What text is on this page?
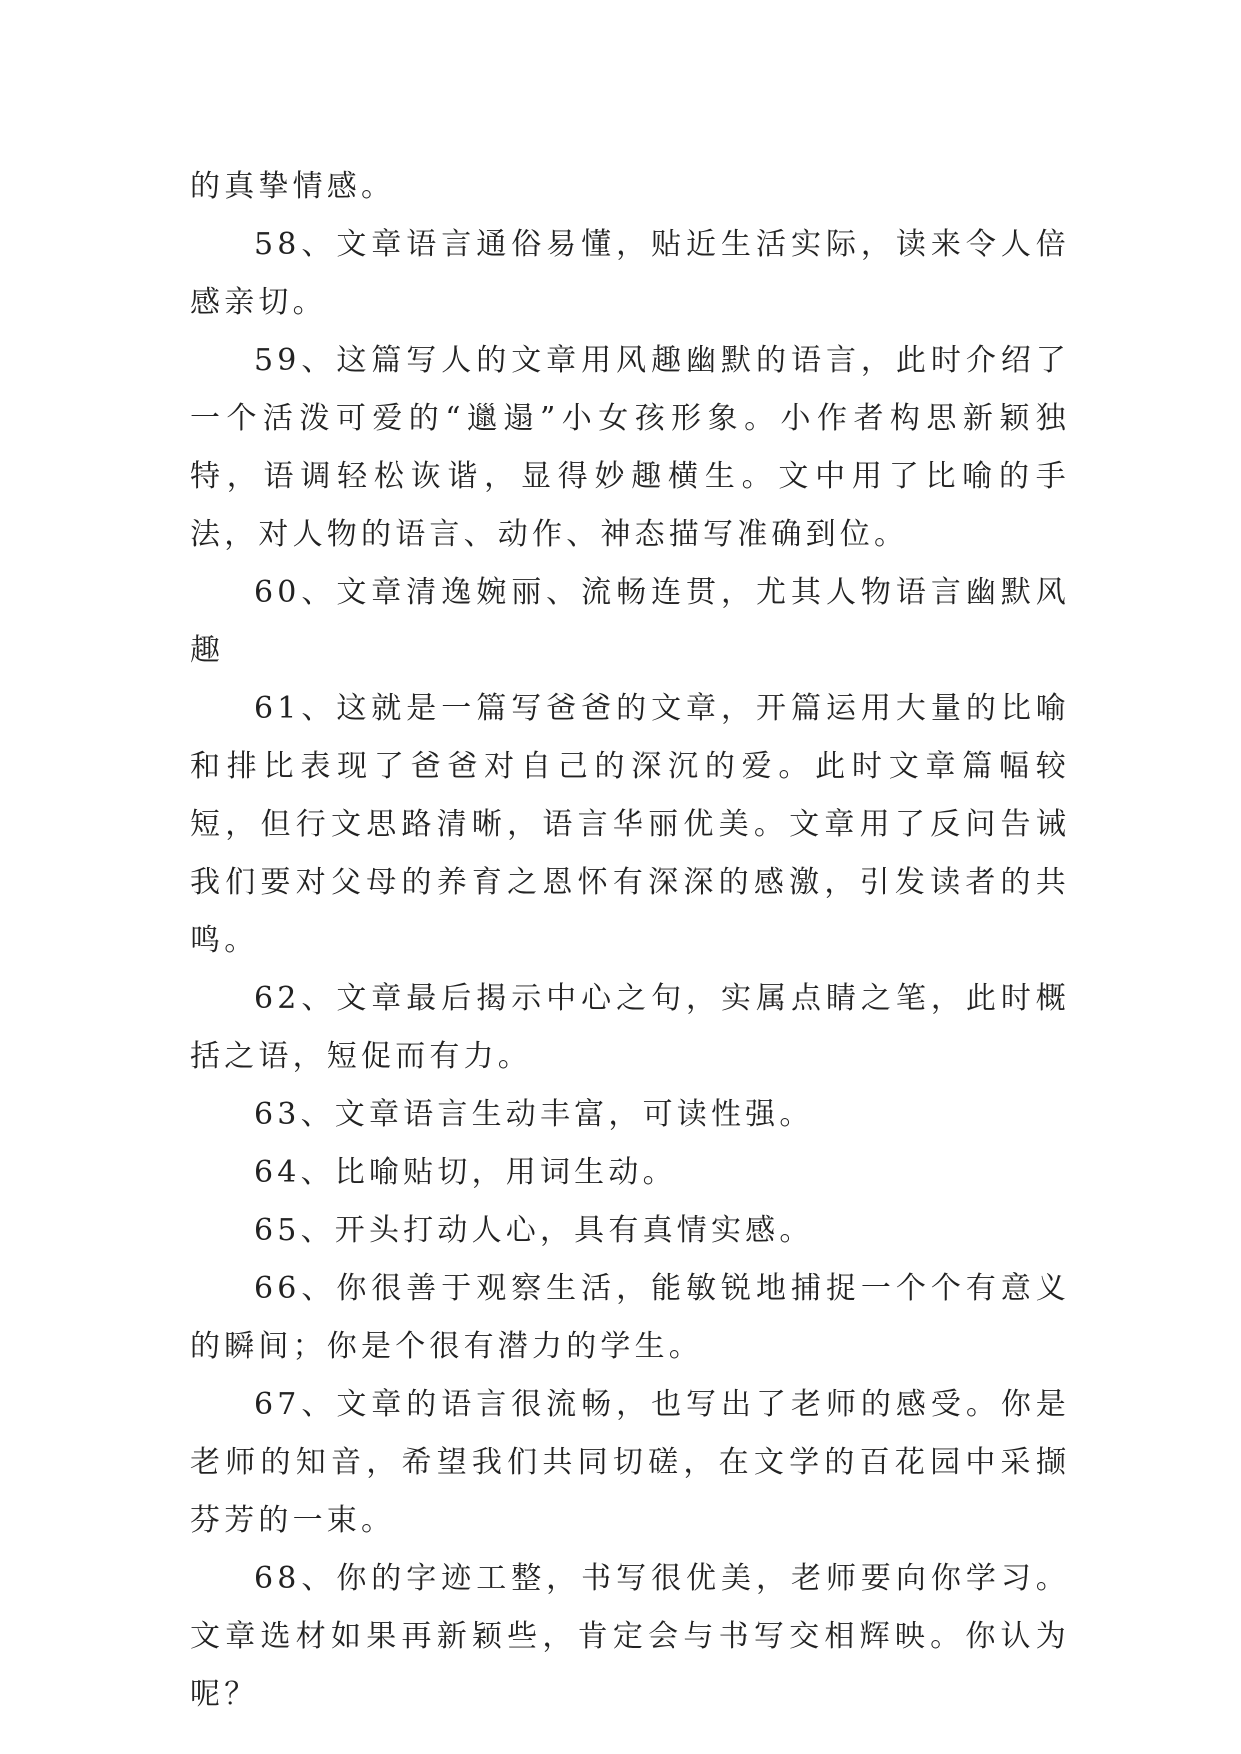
的真挚情感。

58、文章语言通俗易懂，贴近生活实际，读来令人倍感亲切。

59、这篇写人的文章用风趣幽默的语言，此时介绍了一个活泼可爱的“邋遢”小女孩形象。小作者构思新颖独特，语调轻松诙谐，显得妙趣横生。文中用了比喻的手法，对人物的语言、动作、神态描写准确到位。

60、文章清逸婉丽、流畅连贯，尤其人物语言幽默风趣

61、这就是一篇写爸爸的文章，开篇运用大量的比喻和排比表现了爸爸对自己的深沉的爱。此时文章篇幅较短，但行文思路清晰，语言华丽优美。文章用了反问告诫我们要对父母的养育之恩怀有深深的感激，引发读者的共鸣。

62、文章最后揭示中心之句，实属点睛之笔，此时概括之语，短促而有力。

63、文章语言生动丰富，可读性强。

64、比喻贴切，用词生动。

65、开头打动人心，具有真情实感。

66、你很善于观察生活，能敏锐地捕捉一个个有意义的瞬间；你是个很有潜力的学生。

67、文章的语言很流畅，也写出了老师的感受。你是老师的知音，希望我们共同切磋，在文学的百花园中采撷芬芳的一束。

68、你的字迹工整，书写很优美，老师要向你学习。文章选材如果再新颖些，肯定会与书写交相辉映。你认为呢？
